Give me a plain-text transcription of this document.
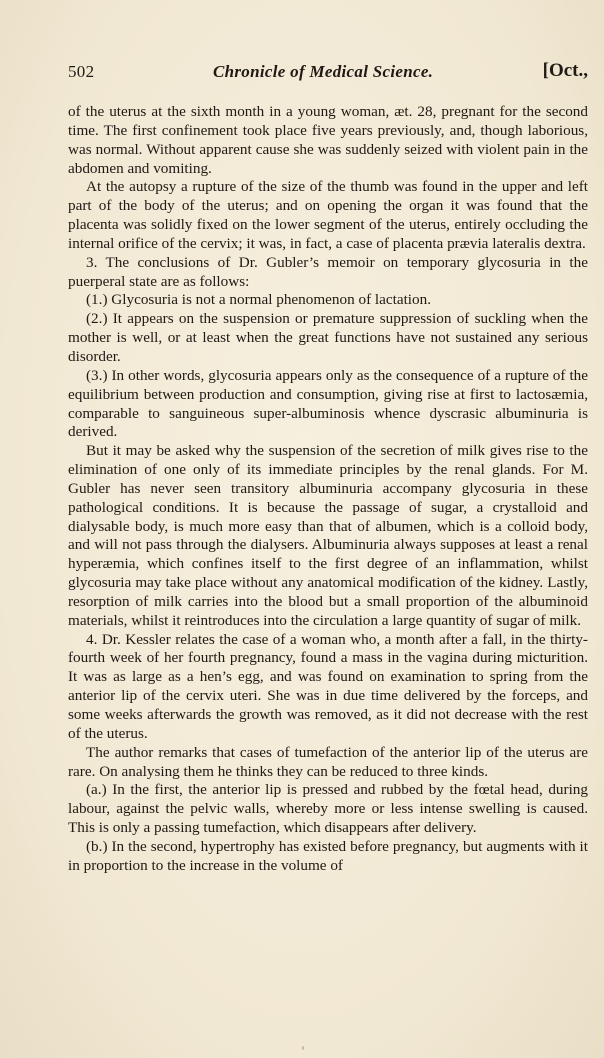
502	Chronicle of Medical Science.	[Oct.,

of the uterus at the sixth month in a young woman, æt. 28, pregnant for the second time. The first confinement took place five years previously, and, though laborious, was normal. Without apparent cause she was suddenly seized with violent pain in the abdomen and vomiting.

At the autopsy a rupture of the size of the thumb was found in the upper and left part of the body of the uterus; and on opening the organ it was found that the placenta was solidly fixed on the lower segment of the uterus, entirely occluding the internal orifice of the cervix; it was, in fact, a case of placenta prævia lateralis dextra.

3. The conclusions of Dr. Gubler’s memoir on temporary glycosuria in the puerperal state are as follows:

(1.) Glycosuria is not a normal phenomenon of lactation.

(2.) It appears on the suspension or premature suppression of suckling when the mother is well, or at least when the great functions have not sustained any serious disorder.

(3.) In other words, glycosuria appears only as the consequence of a rupture of the equilibrium between production and consumption, giving rise at first to lactosæmia, comparable to sanguineous super-albuminosis whence dyscrasic albuminuria is derived.

But it may be asked why the suspension of the secretion of milk gives rise to the elimination of one only of its immediate principles by the renal glands. For M. Gubler has never seen transitory albuminuria accompany glycosuria in these pathological conditions. It is because the passage of sugar, a crystalloid and dialysable body, is much more easy than that of albumen, which is a colloid body, and will not pass through the dialysers. Albuminuria always supposes at least a renal hyperæmia, which confines itself to the first degree of an inflammation, whilst glycosuria may take place without any anatomical modification of the kidney. Lastly, resorption of milk carries into the blood but a small proportion of the albuminoid materials, whilst it reintroduces into the circulation a large quantity of sugar of milk.

4. Dr. Kessler relates the case of a woman who, a month after a fall, in the thirty-fourth week of her fourth pregnancy, found a mass in the vagina during micturition. It was as large as a hen’s egg, and was found on examination to spring from the anterior lip of the cervix uteri. She was in due time delivered by the forceps, and some weeks afterwards the growth was removed, as it did not decrease with the rest of the uterus.

The author remarks that cases of tumefaction of the anterior lip of the uterus are rare. On analysing them he thinks they can be reduced to three kinds.

(a.) In the first, the anterior lip is pressed and rubbed by the fœtal head, during labour, against the pelvic walls, whereby more or less intense swelling is caused. This is only a passing tumefaction, which disappears after delivery.

(b.) In the second, hypertrophy has existed before pregnancy, but augments with it in proportion to the increase in the volume of
